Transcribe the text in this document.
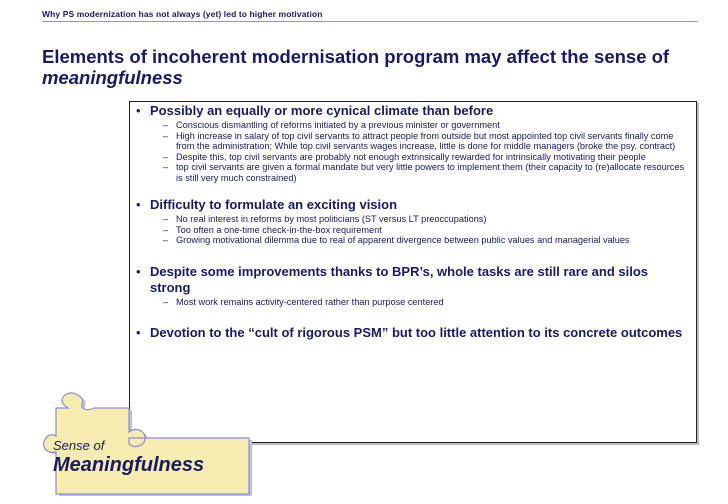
Why PS modernization has not always (yet) led to higher motivation
Elements of incoherent modernisation program may affect the sense of
meaningfulness
Sense of
Meaningfulness
• Possibly an equally or more cynical climate than before
– Conscious dismantling of reforms initiated by a previous minister or government
– High increase in salary of top civil servants to attract people from outside but most appointed top civil servants finally come from the administration; While top civil servants wages increase, little is done for middle managers (broke the psy. contract)
– Despite this, top civil servants are probably not enough extrinsically rewarded for intrinsically motivating their people
– top civil servants are given a formal mandate but very little powers to implement them (their capacity to (re)allocate resources is still very much constrained)
• Difficulty to formulate an exciting vision
– No real interest in reforms by most politicians (ST versus LT preoccupations)
– Too often a one-time check-in-the-box requirement
– Growing motivational dilemma due to real of apparent divergence between public values and managerial values
• Despite some improvements thanks to BPR’s, whole tasks are still rare and silos strong
– Most work remains activity-centered rather than purpose centered
• Devotion to the “cult of rigorous PSM” but too little attention to its concrete outcomes
